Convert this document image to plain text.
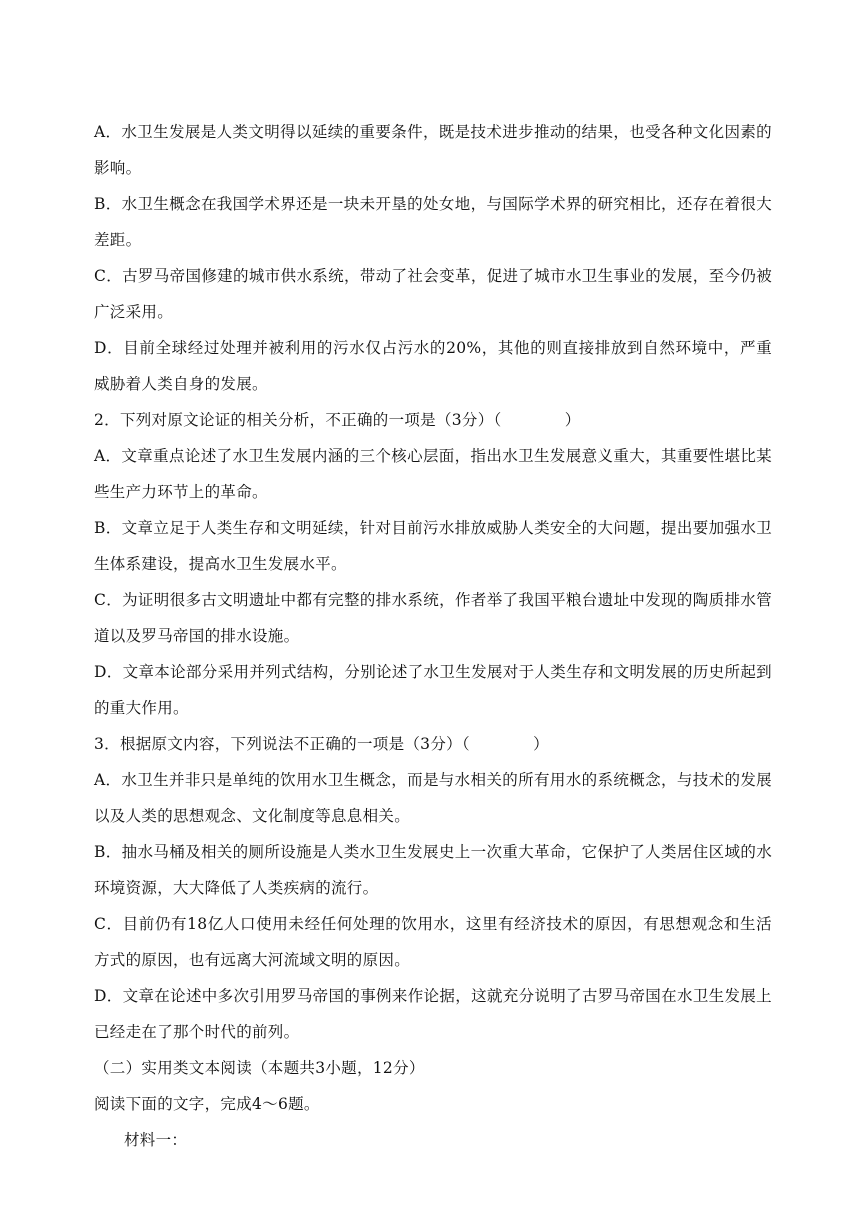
A．水卫生发展是人类文明得以延续的重要条件，既是技术进步推动的结果，也受各种文化因素的影响。

B．水卫生概念在我国学术界还是一块未开垦的处女地，与国际学术界的研究相比，还存在着很大差距。

C．古罗马帝国修建的城市供水系统，带动了社会变革，促进了城市水卫生事业的发展，至今仍被广泛采用。

D．目前全球经过处理并被利用的污水仅占污水的20%，其他的则直接排放到自然环境中，严重威胁着人类自身的发展。

2．下列对原文论证的相关分析，不正确的一项是（3分）（　　　　）

A．文章重点论述了水卫生发展内涵的三个核心层面，指出水卫生发展意义重大，其重要性堪比某些生产力环节上的革命。

B．文章立足于人类生存和文明延续，针对目前污水排放威胁人类安全的大问题，提出要加强水卫生体系建设，提高水卫生发展水平。

C．为证明很多古文明遗址中都有完整的排水系统，作者举了我国平粮台遗址中发现的陶质排水管道以及罗马帝国的排水设施。

D．文章本论部分采用并列式结构，分别论述了水卫生发展对于人类生存和文明发展的历史所起到的重大作用。

3．根据原文内容，下列说法不正确的一项是（3分）（　　　　）

A．水卫生并非只是单纯的饮用水卫生概念，而是与水相关的所有用水的系统概念，与技术的发展以及人类的思想观念、文化制度等息息相关。

B．抽水马桶及相关的厕所设施是人类水卫生发展史上一次重大革命，它保护了人类居住区域的水环境资源，大大降低了人类疾病的流行。

C．目前仍有18亿人口使用未经任何处理的饮用水，这里有经济技术的原因，有思想观念和生活方式的原因，也有远离大河流域文明的原因。

D．文章在论述中多次引用罗马帝国的事例来作论据，这就充分说明了古罗马帝国在水卫生发展上已经走在了那个时代的前列。

（二）实用类文本阅读（本题共3小题，12分）

阅读下面的文字，完成4～6题。

材料一：
